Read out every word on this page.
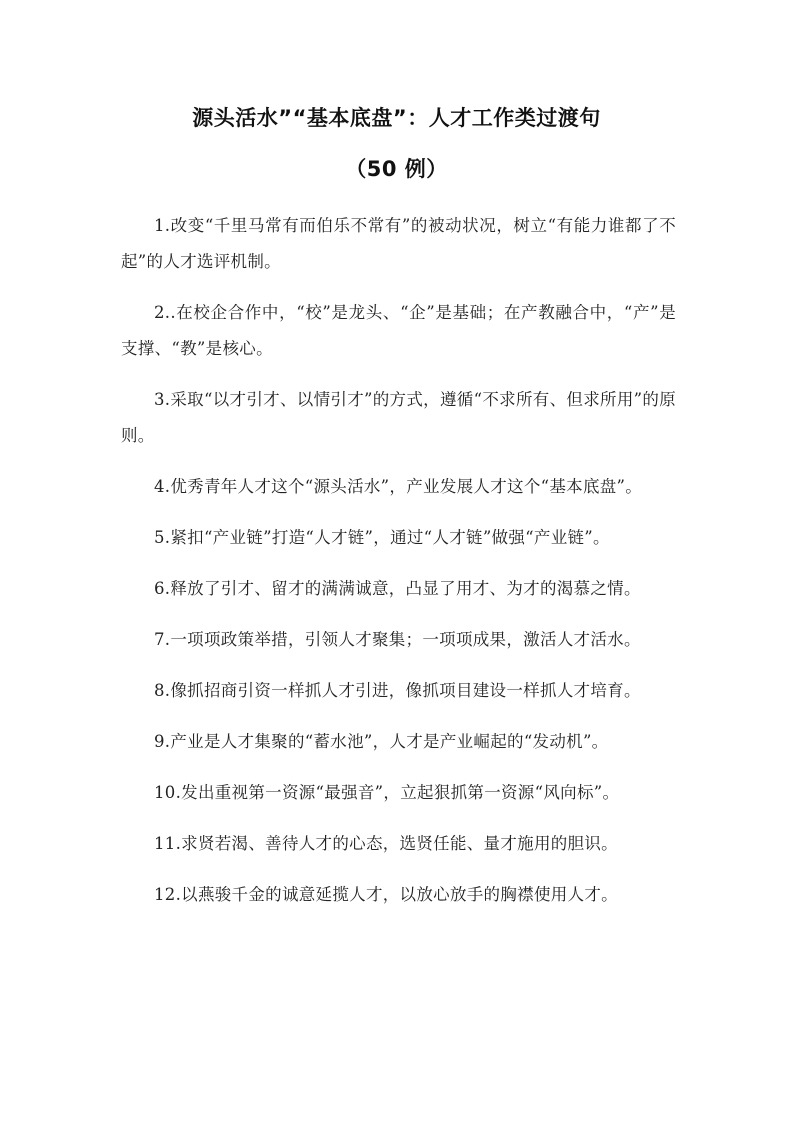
源头活水”“基本底盘”：人才工作类过渡句
（50 例）

1.改变“千里马常有而伯乐不常有”的被动状况，树立“有能力谁都了不起”的人才选评机制。

2..在校企合作中，“校”是龙头、“企”是基础；在产教融合中，“产”是支撑、“教”是核心。

3.采取“以才引才、以情引才”的方式，遵循“不求所有、但求所用”的原则。

4.优秀青年人才这个“源头活水”，产业发展人才这个“基本底盘”。

5.紧扣“产业链”打造“人才链”，通过“人才链”做强“产业链”。

6.释放了引才、留才的满满诚意，凸显了用才、为才的渴慕之情。

7.一项项政策举措，引领人才聚集；一项项成果，激活人才活水。

8.像抓招商引资一样抓人才引进，像抓项目建设一样抓人才培育。

9.产业是人才集聚的“蓄水池”，人才是产业崛起的“发动机”。

10.发出重视第一资源“最强音”，立起狠抓第一资源“风向标”。

11.求贤若渴、善待人才的心态，选贤任能、量才施用的胆识。

12.以燕骏千金的诚意延揽人才，以放心放手的胸襟使用人才。
